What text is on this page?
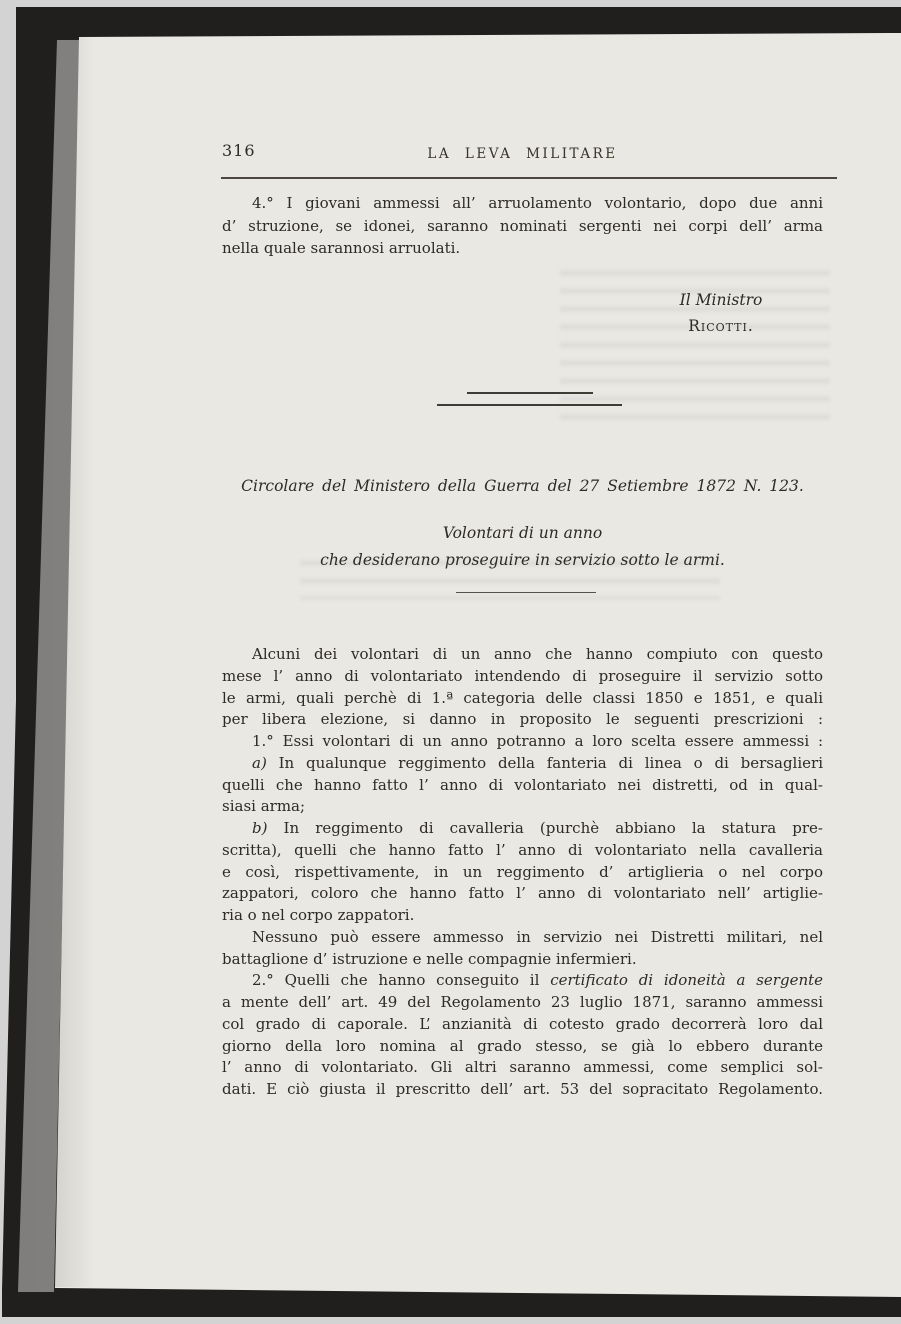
316	LA LEVA MILITARE
4.° I giovani ammessi all’ arruolamento volontario, dopo due anni
d’ struzione, se idonei, saranno nominati sergenti nei corpi dell’ arma
nella quale sarannosi arruolati.
Il Ministro
Ricotti.
Circolare del Ministero della Guerra del 27 Setiembre 1872 N. 123.
Volontari di un anno
che desiderano proseguire in servizio sotto le armi.
Alcuni dei volontari di un anno che hanno compiuto con questo
mese l’ anno di volontariato intendendo di proseguire il servizio sotto
le armi, quali perchè di 1.ª categoria delle classi 1850 e 1851, e quali
per libera elezione, si danno in proposito le seguenti prescrizioni :
1.° Essi volontari di un anno potranno a loro scelta essere ammessi :
a) In qualunque reggimento della fanteria di linea o di bersaglieri
quelli che hanno fatto l’ anno di volontariato nei distretti, od in qual-
siasi arma;
b) In reggimento di cavalleria (purchè abbiano la statura pre-
scritta), quelli che hanno fatto l’ anno di volontariato nella cavalleria
e così, rispettivamente, in un reggimento d’ artiglieria o nel corpo
zappatori, coloro che hanno fatto l’ anno di volontariato nell’ artiglie-
ria o nel corpo zappatori.
Nessuno può essere ammesso in servizio nei Distretti militari, nel
battaglione d’ istruzione e nelle compagnie infermieri.
2.° Quelli che hanno conseguito il certificato di idoneità a sergente
a mente dell’ art. 49 del Regolamento 23 luglio 1871, saranno ammessi
col grado di caporale. L’ anzianità di cotesto grado decorrerà loro dal
giorno della loro nomina al grado stesso, se già lo ebbero durante
l’ anno di volontariato. Gli altri saranno ammessi, come semplici sol-
dati. E ciò giusta il prescritto dell’ art. 53 del sopracitato Regolamento.
